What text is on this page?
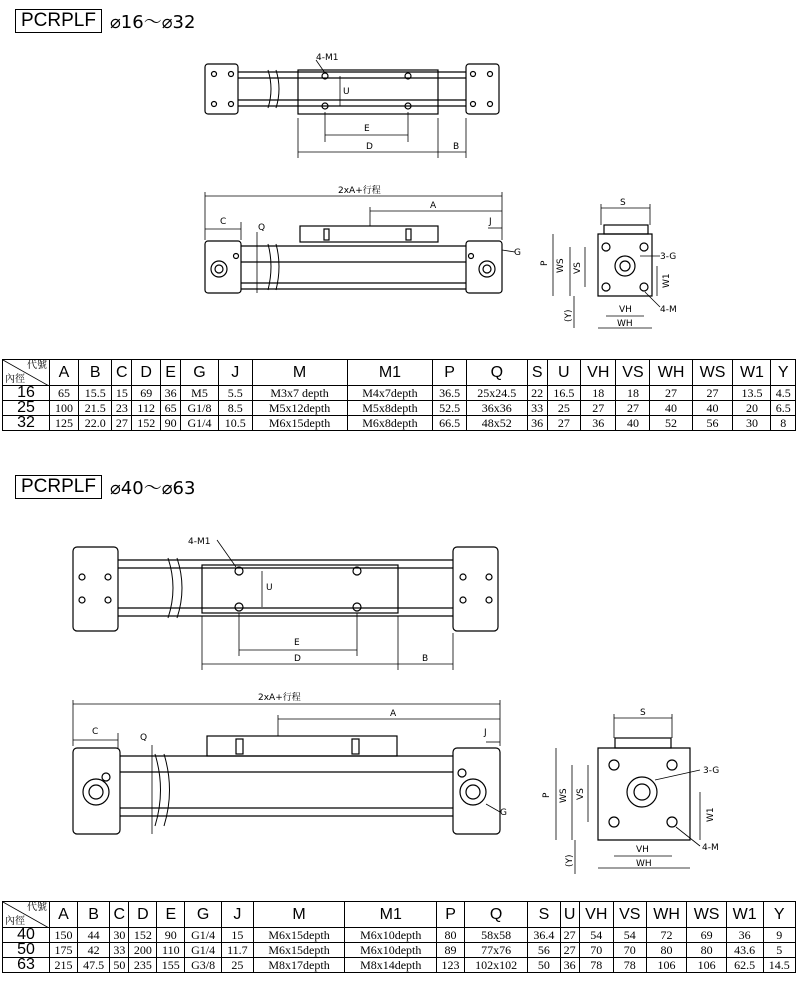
PCRPLF ⌀16～⌀32
4-M1
U
E
D	B
2xA+行程
A
C
Q
J
G
S
3-G
P WS VS
W1
(Y)	VH
WH
4-M
代號
內徑	A	B	C	D	E	G	J	M	M1	P	Q	S	U	VH	VS	WH	WS	W1	Y
16	65	15.5	15	69	36	M5	5.5	M3x7 depth	M4x7depth	36.5	25x24.5	22	16.5	18	18	27	27	13.5	4.5
25	100	21.5	23	112	65	G1/8	8.5	M5x12depth	M5x8depth	52.5	36x36	33	25	27	27	40	40	20	6.5
32	125	22.0	27	152	90	G1/4	10.5	M6x15depth	M6x8depth	66.5	48x52	36	27	36	40	52	56	30	8
PCRPLF ⌀40～⌀63
4-M1
U
E
D	B
2xA+行程
A
C
Q	J
G
S
3-G
P WS VS
W1
(Y)
VH
WH
4-M
代號
內徑	A	B	C	D	E	G	J	M	M1	P	Q	S	U	VH	VS	WH	WS	W1	Y
40	150	44	30	152	90	G1/4	15	M6x15depth	M6x10depth	80	58x58	36.4	27	54	54	72	69	36	9
50	175	42	33	200	110	G1/4	11.7	M6x15depth	M6x10depth	89	77x76	56	27	70	70	80	80	43.6	5
63	215	47.5	50	235	155	G3/8	25	M8x17depth	M8x14depth	123	102x102	50	36	78	78	106	106	62.5	14.5
